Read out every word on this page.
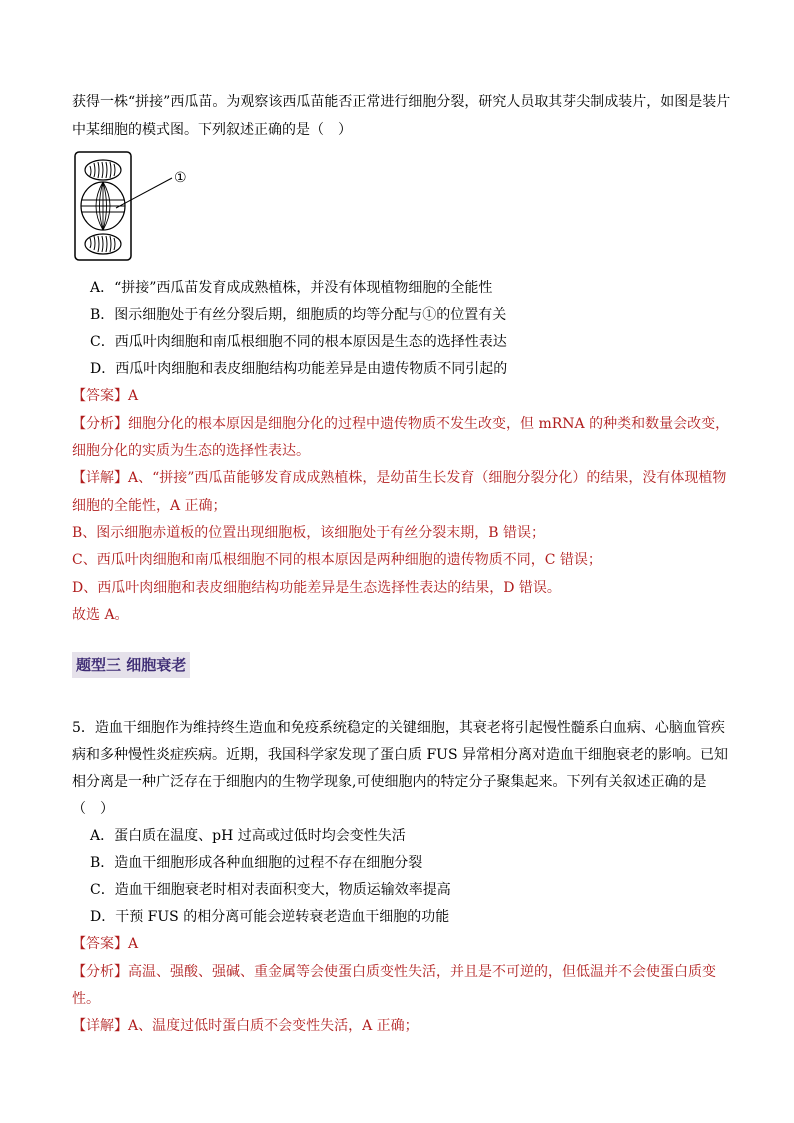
获得一株“拼接”西瓜苗。为观察该西瓜苗能否正常进行细胞分裂，研究人员取其芽尖制成装片，如图是装片
中某细胞的模式图。下列叙述正确的是（　）
①
A．“拼接”西瓜苗发育成成熟植株，并没有体现植物细胞的全能性
B．图示细胞处于有丝分裂后期，细胞质的均等分配与①的位置有关
C．西瓜叶肉细胞和南瓜根细胞不同的根本原因是生态的选择性表达
D．西瓜叶肉细胞和表皮细胞结构功能差异是由遗传物质不同引起的
【答案】A
【分析】细胞分化的根本原因是细胞分化的过程中遗传物质不发生改变，但 mRNA 的种类和数量会改变，
细胞分化的实质为生态的选择性表达。
【详解】A、“拼接”西瓜苗能够发育成成熟植株，是幼苗生长发育（细胞分裂分化）的结果，没有体现植物
细胞的全能性，A 正确；
B、图示细胞赤道板的位置出现细胞板，该细胞处于有丝分裂末期，B 错误；
C、西瓜叶肉细胞和南瓜根细胞不同的根本原因是两种细胞的遗传物质不同，C 错误；
D、西瓜叶肉细胞和表皮细胞结构功能差异是生态选择性表达的结果，D 错误。
故选 A。
题型三 细胞衰老
5．造血干细胞作为维持终生造血和免疫系统稳定的关键细胞，其衰老将引起慢性髓系白血病、心脑血管疾
病和多种慢性炎症疾病。近期，我国科学家发现了蛋白质 FUS 异常相分离对造血干细胞衰老的影响。已知
相分离是一种广泛存在于细胞内的生物学现象,可使细胞内的特定分子聚集起来。下列有关叙述正确的是
（　）
A．蛋白质在温度、pH 过高或过低时均会变性失活
B．造血干细胞形成各种血细胞的过程不存在细胞分裂
C．造血干细胞衰老时相对表面积变大，物质运输效率提高
D．干预 FUS 的相分离可能会逆转衰老造血干细胞的功能
【答案】A
【分析】高温、强酸、强碱、重金属等会使蛋白质变性失活，并且是不可逆的，但低温并不会使蛋白质变
性。
【详解】A、温度过低时蛋白质不会变性失活，A 正确；
